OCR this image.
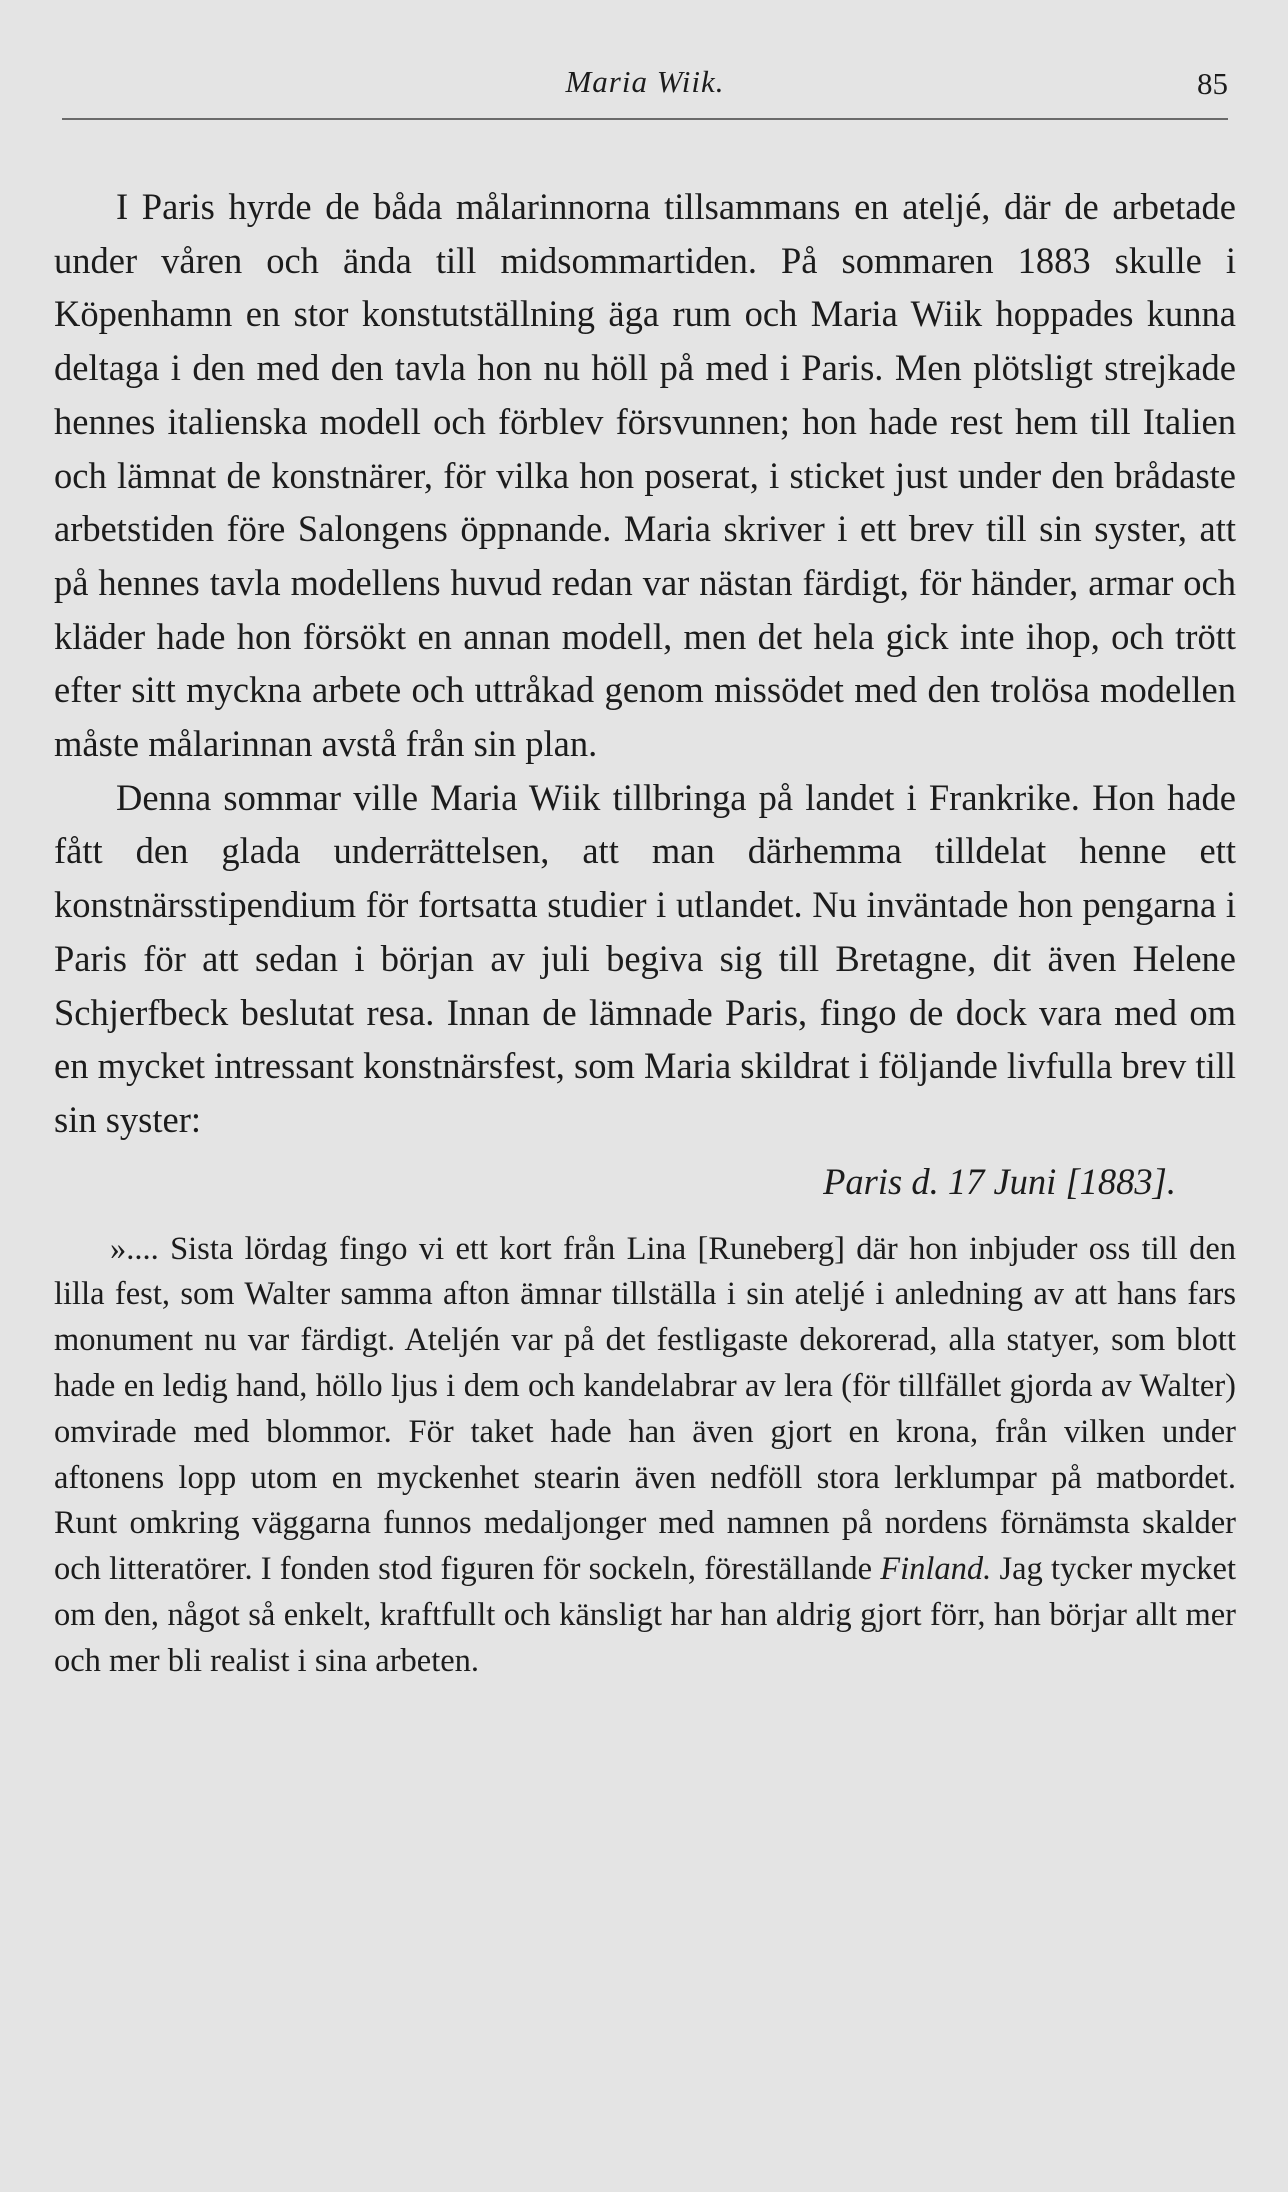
Maria Wiik.	85

I Paris hyrde de båda målarinnorna tillsammans en ateljé, där de arbetade under våren och ända till midsommartiden. På sommaren 1883 skulle i Köpenhamn en stor konstutställning äga rum och Maria Wiik hoppades kunna deltaga i den med den tavla hon nu höll på med i Paris. Men plötsligt strejkade hennes italienska modell och förblev försvunnen; hon hade rest hem till Italien och lämnat de konstnärer, för vilka hon poserat, i sticket just under den brådaste arbetstiden före Salongens öppnande. Maria skriver i ett brev till sin syster, att på hennes tavla modellens huvud redan var nästan färdigt, för händer, armar och kläder hade hon försökt en annan modell, men det hela gick inte ihop, och trött efter sitt myckna arbete och uttråkad genom missödet med den trolösa modellen måste målarinnan avstå från sin plan.

Denna sommar ville Maria Wiik tillbringa på landet i Frankrike. Hon hade fått den glada underrättelsen, att man därhemma tilldelat henne ett konstnärsstipendium för fortsatta studier i utlandet. Nu inväntade hon pengarna i Paris för att sedan i början av juli begiva sig till Bretagne, dit även Helene Schjerfbeck beslutat resa. Innan de lämnade Paris, fingo de dock vara med om en mycket intressant konstnärsfest, som Maria skildrat i följande livfulla brev till sin syster:

Paris d. 17 Juni [1883].

».... Sista lördag fingo vi ett kort från Lina [Runeberg] där hon inbjuder oss till den lilla fest, som Walter samma afton ämnar tillställa i sin ateljé i anledning av att hans fars monument nu var färdigt. Ateljén var på det festligaste dekorerad, alla statyer, som blott hade en ledig hand, höllo ljus i dem och kandelabrar av lera (för tillfället gjorda av Walter) omvirade med blommor. För taket hade han även gjort en krona, från vilken under aftonens lopp utom en myckenhet stearin även nedföll stora lerklumpar på matbordet. Runt omkring väggarna funnos medaljonger med namnen på nordens förnämsta skalder och litteratörer. I fonden stod figuren för sockeln, föreställande Finland. Jag tycker mycket om den, något så enkelt, kraftfullt och känsligt har han aldrig gjort förr, han börjar allt mer och mer bli realist i sina arbeten.
